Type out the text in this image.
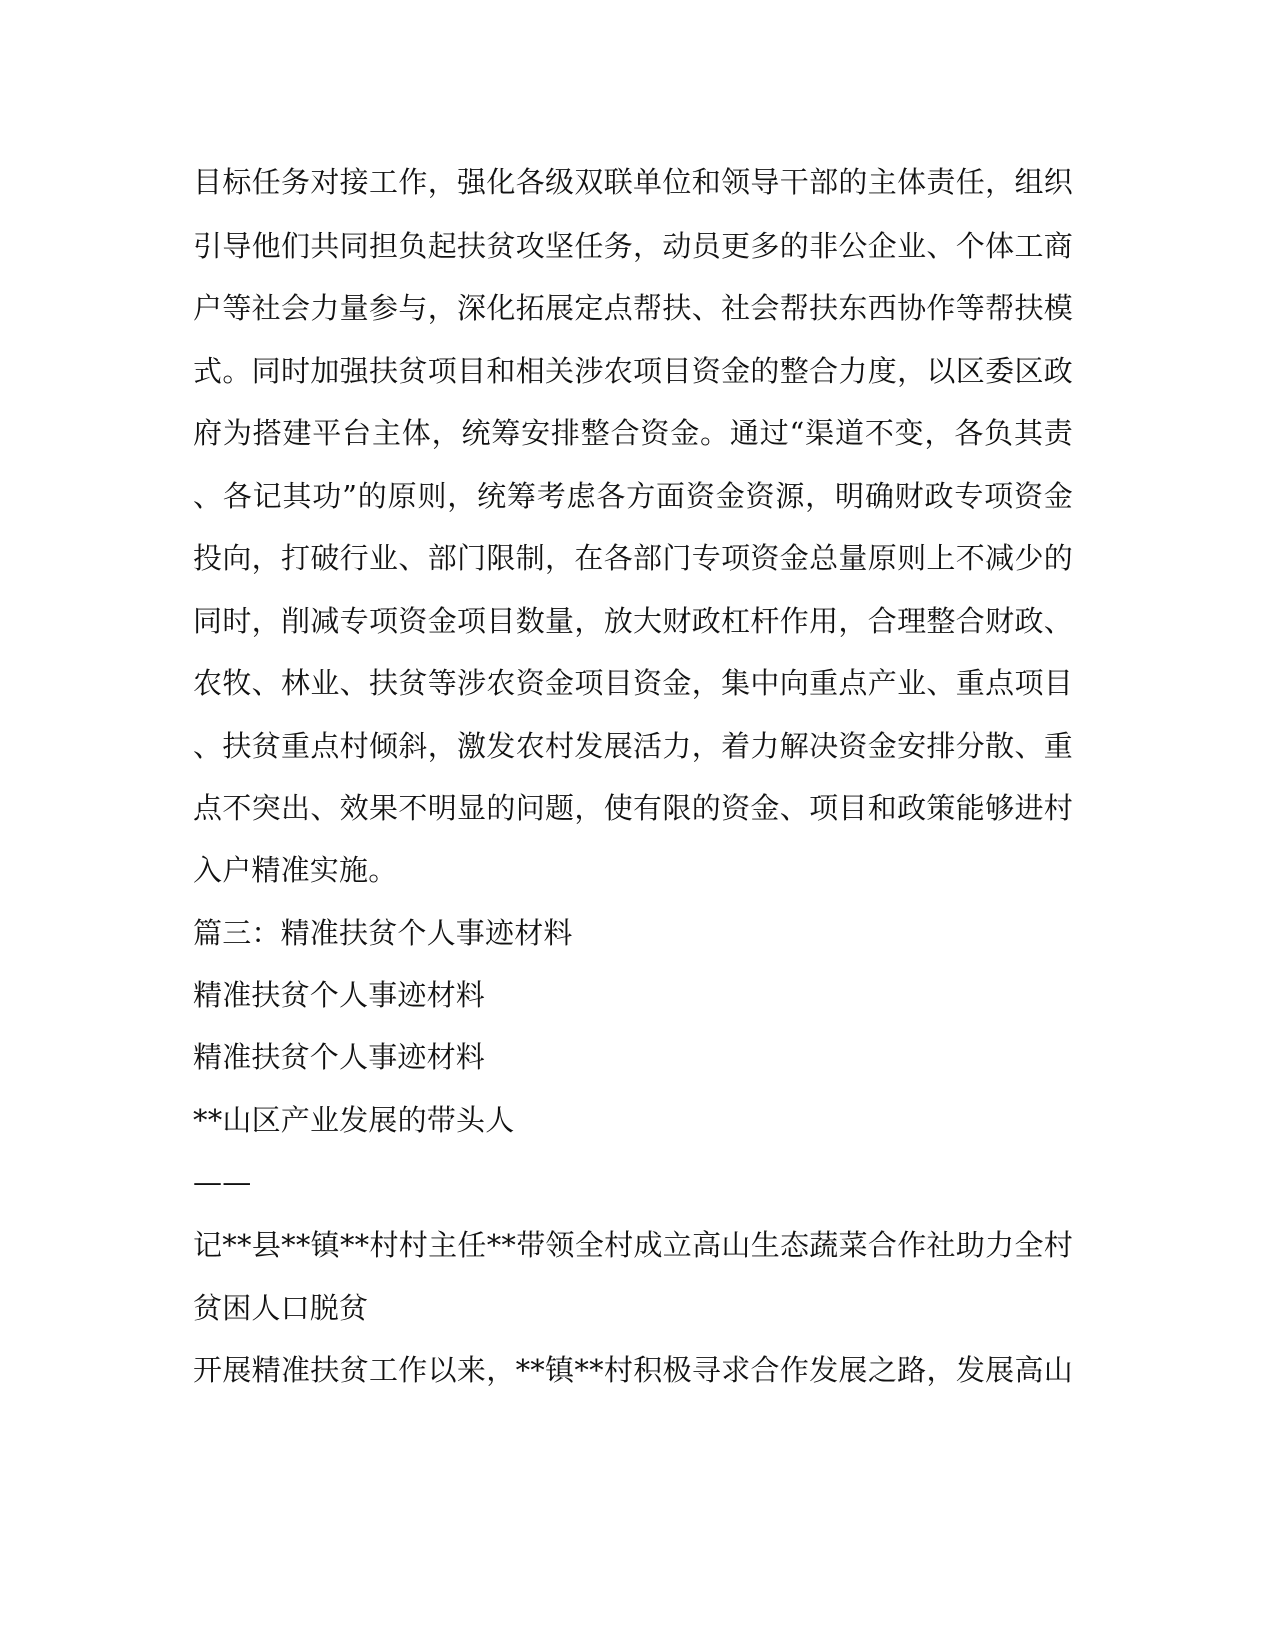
目标任务对接工作，强化各级双联单位和领导干部的主体责任，组织
引导他们共同担负起扶贫攻坚任务，动员更多的非公企业、个体工商
户等社会力量参与，深化拓展定点帮扶、社会帮扶东西协作等帮扶模
式。同时加强扶贫项目和相关涉农项目资金的整合力度，以区委区政
府为搭建平台主体，统筹安排整合资金。通过“渠道不变，各负其责
、各记其功”的原则，统筹考虑各方面资金资源，明确财政专项资金
投向，打破行业、部门限制，在各部门专项资金总量原则上不减少的
同时，削减专项资金项目数量，放大财政杠杆作用，合理整合财政、
农牧、林业、扶贫等涉农资金项目资金，集中向重点产业、重点项目
、扶贫重点村倾斜，激发农村发展活力，着力解决资金安排分散、重
点不突出、效果不明显的问题，使有限的资金、项目和政策能够进村
入户精准实施。
篇三：精准扶贫个人事迹材料
精准扶贫个人事迹材料
精准扶贫个人事迹材料
**山区产业发展的带头人
——
记**县**镇**村村主任**带领全村成立高山生态蔬菜合作社助力全村
贫困人口脱贫
开展精准扶贫工作以来，**镇**村积极寻求合作发展之路，发展高山
